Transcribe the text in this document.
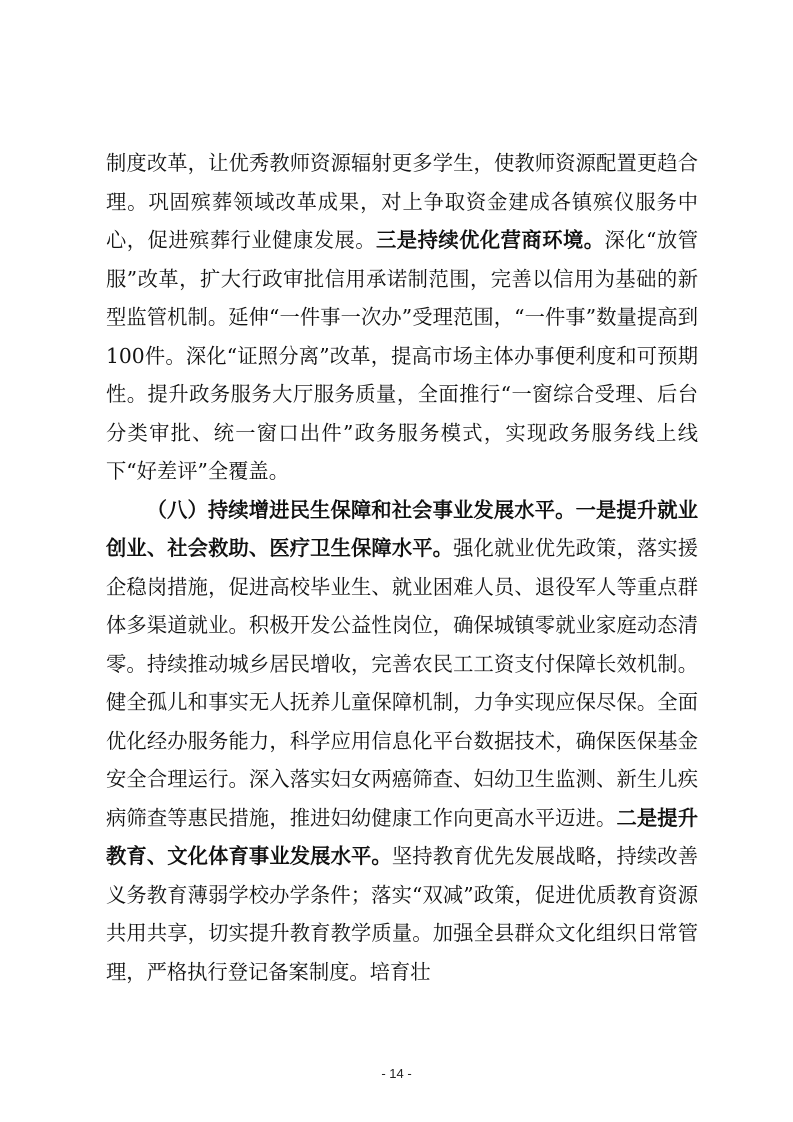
制度改革，让优秀教师资源辐射更多学生，使教师资源配置更趋合理。巩固殡葬领域改革成果，对上争取资金建成各镇殡仪服务中心，促进殡葬行业健康发展。三是持续优化营商环境。深化“放管服”改革，扩大行政审批信用承诺制范围，完善以信用为基础的新型监管机制。延伸“一件事一次办”受理范围，“一件事”数量提高到100件。深化“证照分离”改革，提高市场主体办事便利度和可预期性。提升政务服务大厅服务质量，全面推行“一窗综合受理、后台分类审批、统一窗口出件”政务服务模式，实现政务服务线上线下“好差评”全覆盖。

（八）持续增进民生保障和社会事业发展水平。一是提升就业创业、社会救助、医疗卫生保障水平。强化就业优先政策，落实援企稳岗措施，促进高校毕业生、就业困难人员、退役军人等重点群体多渠道就业。积极开发公益性岗位，确保城镇零就业家庭动态清零。持续推动城乡居民增收，完善农民工工资支付保障长效机制。健全孤儿和事实无人抚养儿童保障机制，力争实现应保尽保。全面优化经办服务能力，科学应用信息化平台数据技术，确保医保基金安全合理运行。深入落实妇女两癌筛查、妇幼卫生监测、新生儿疾病筛查等惠民措施，推进妇幼健康工作向更高水平迈进。二是提升教育、文化体育事业发展水平。坚持教育优先发展战略，持续改善义务教育薄弱学校办学条件；落实“双减”政策，促进优质教育资源共用共享，切实提升教育教学质量。加强全县群众文化组织日常管理，严格执行登记备案制度。培育壮

- 14 -
